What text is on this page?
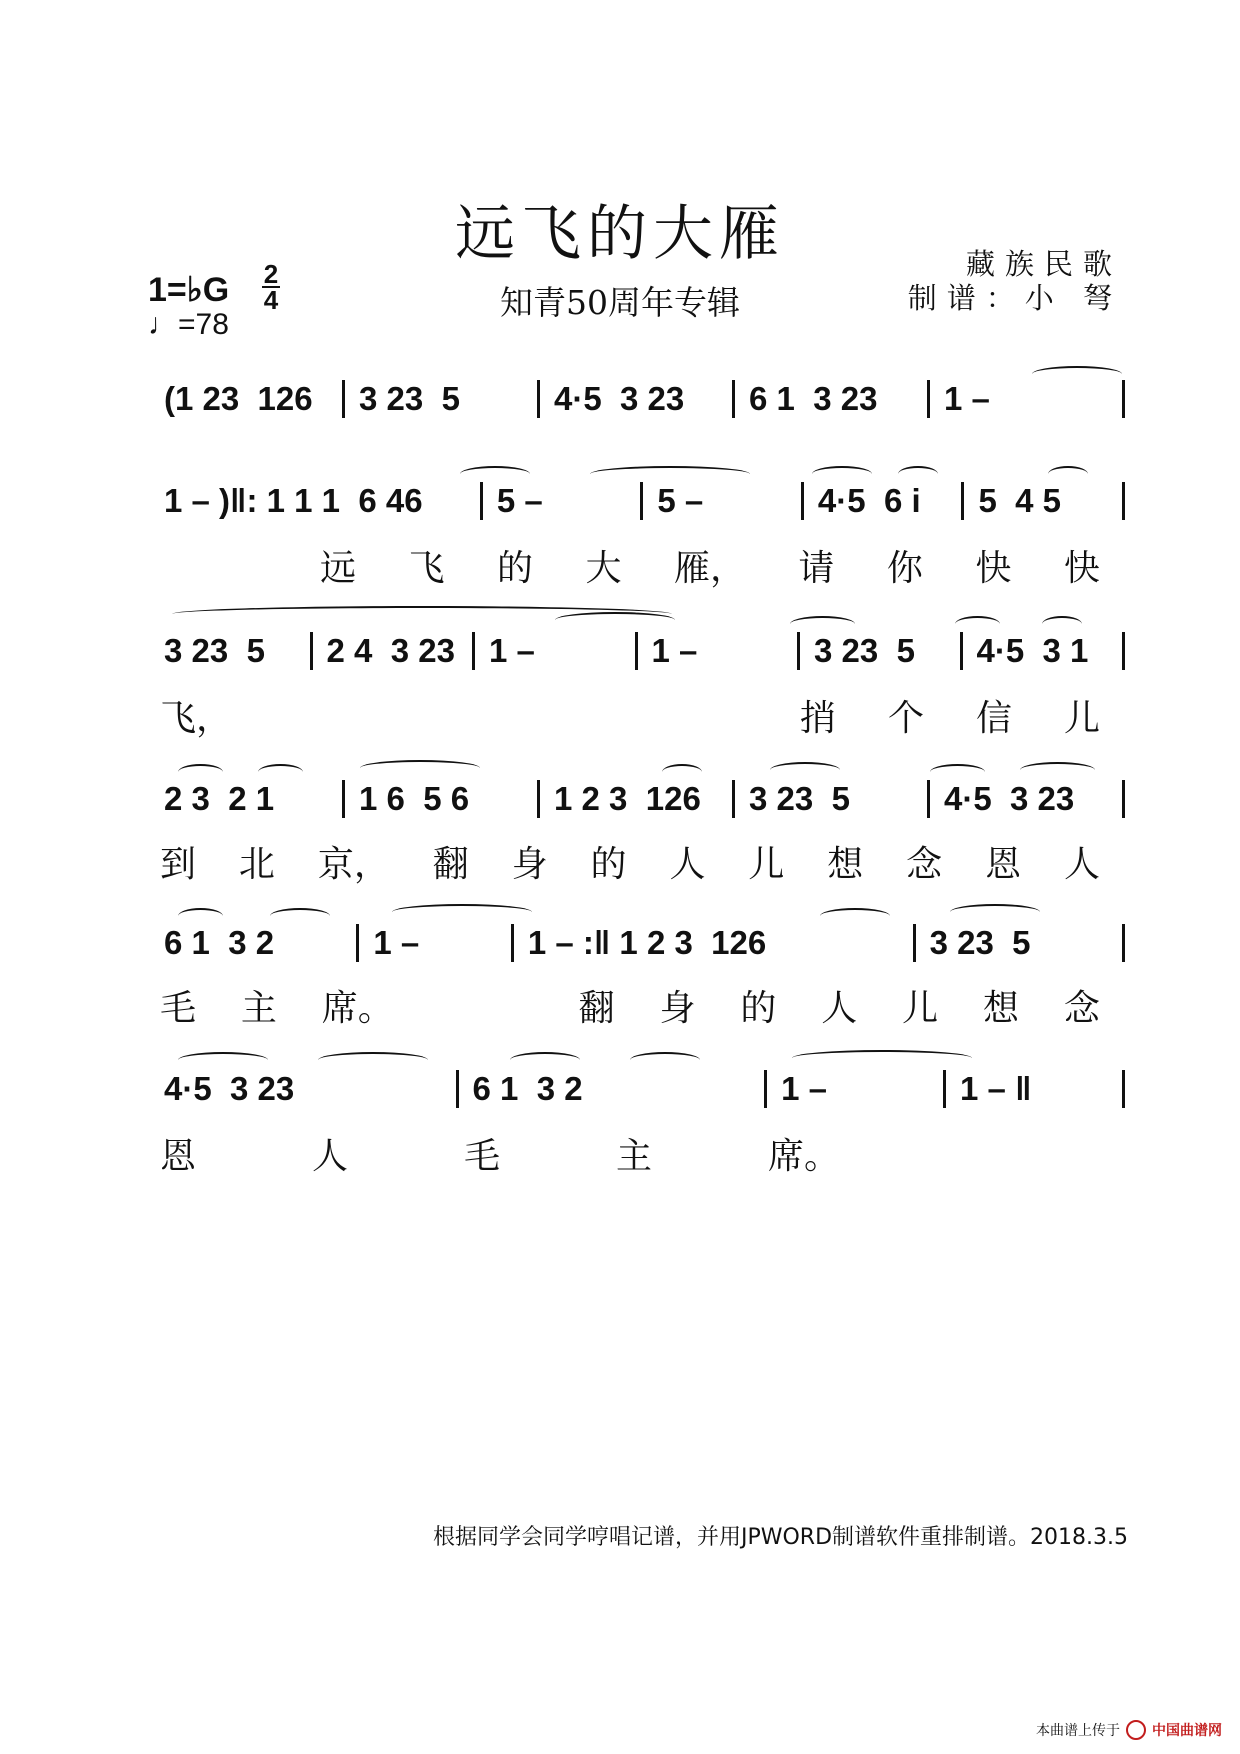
远飞的大雁
知青50周年专辑
藏族民歌
制谱：小 弩
1=♭G 2
4
♩=78
(1 23  126	3 23  5	4·5  3 23	6 1  3 23	1 –
1 – )‖: 1 1 1  6 46	5 –	5 –	4·5  6 i	5  4 5
远 飞 的 大 雁， 请 你 快 快
3 23  5	2 4  3 23	1 –	1 –	3 23  5	4·5  3 1
飞，	捎 个 信 儿
2 3  2 1	1 6  5 6	1 2 3  126	3 23  5	4·5  3 23
到 北 京， 翻 身 的 人 儿 想 念 恩 人
6 1  3 2	1 –	1 – :‖ 1 2 3  126	3 23  5
毛 主 席。	翻 身 的 人 儿 想 念
4·5  3 23	6 1  3 2	1 –	1 – ‖
恩	人	毛	主	席。
根据同学会同学哼唱记谱，并用JPWORD制谱软件重排制谱。2018.3.5
本曲谱上传于 中国曲谱网
